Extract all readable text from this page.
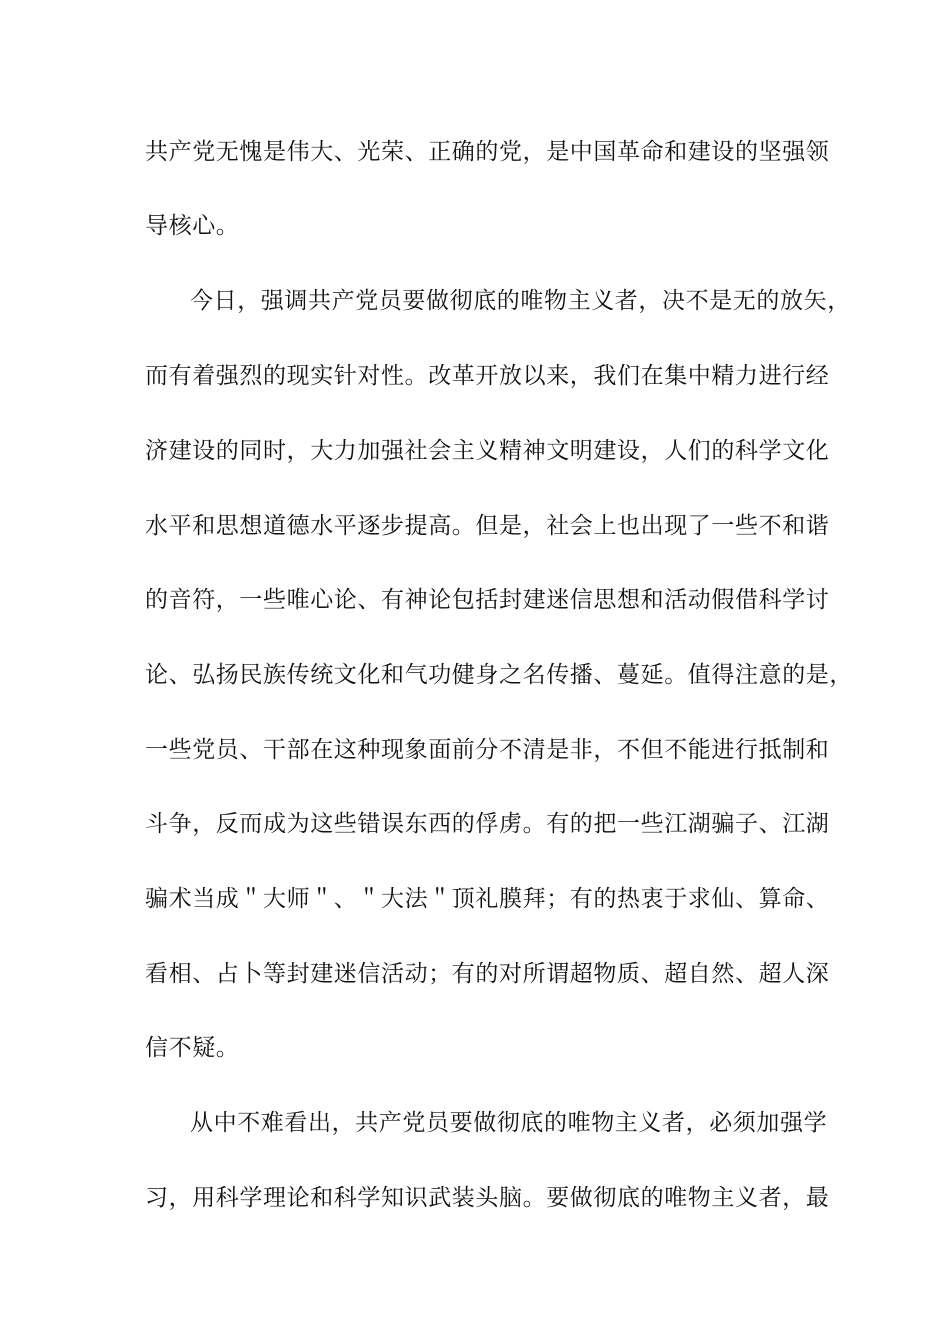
共产党无愧是伟大、光荣、正确的党，是中国革命和建设的坚强领

导核心。

今日，强调共产党员要做彻底的唯物主义者，决不是无的放矢，

而有着强烈的现实针对性。改革开放以来，我们在集中精力进行经

济建设的同时，大力加强社会主义精神文明建设，人们的科学文化

水平和思想道德水平逐步提高。但是，社会上也出现了一些不和谐

的音符，一些唯心论、有神论包括封建迷信思想和活动假借科学讨

论、弘扬民族传统文化和气功健身之名传播、蔓延。值得注意的是，

一些党员、干部在这种现象面前分不清是非，不但不能进行抵制和

斗争，反而成为这些错误东西的俘虏。有的把一些江湖骗子、江湖

骗术当成＂大师＂、＂大法＂顶礼膜拜；有的热衷于求仙、算命、

看相、占卜等封建迷信活动；有的对所谓超物质、超自然、超人深

信不疑。

从中不难看出，共产党员要做彻底的唯物主义者，必须加强学

习，用科学理论和科学知识武装头脑。要做彻底的唯物主义者，最
